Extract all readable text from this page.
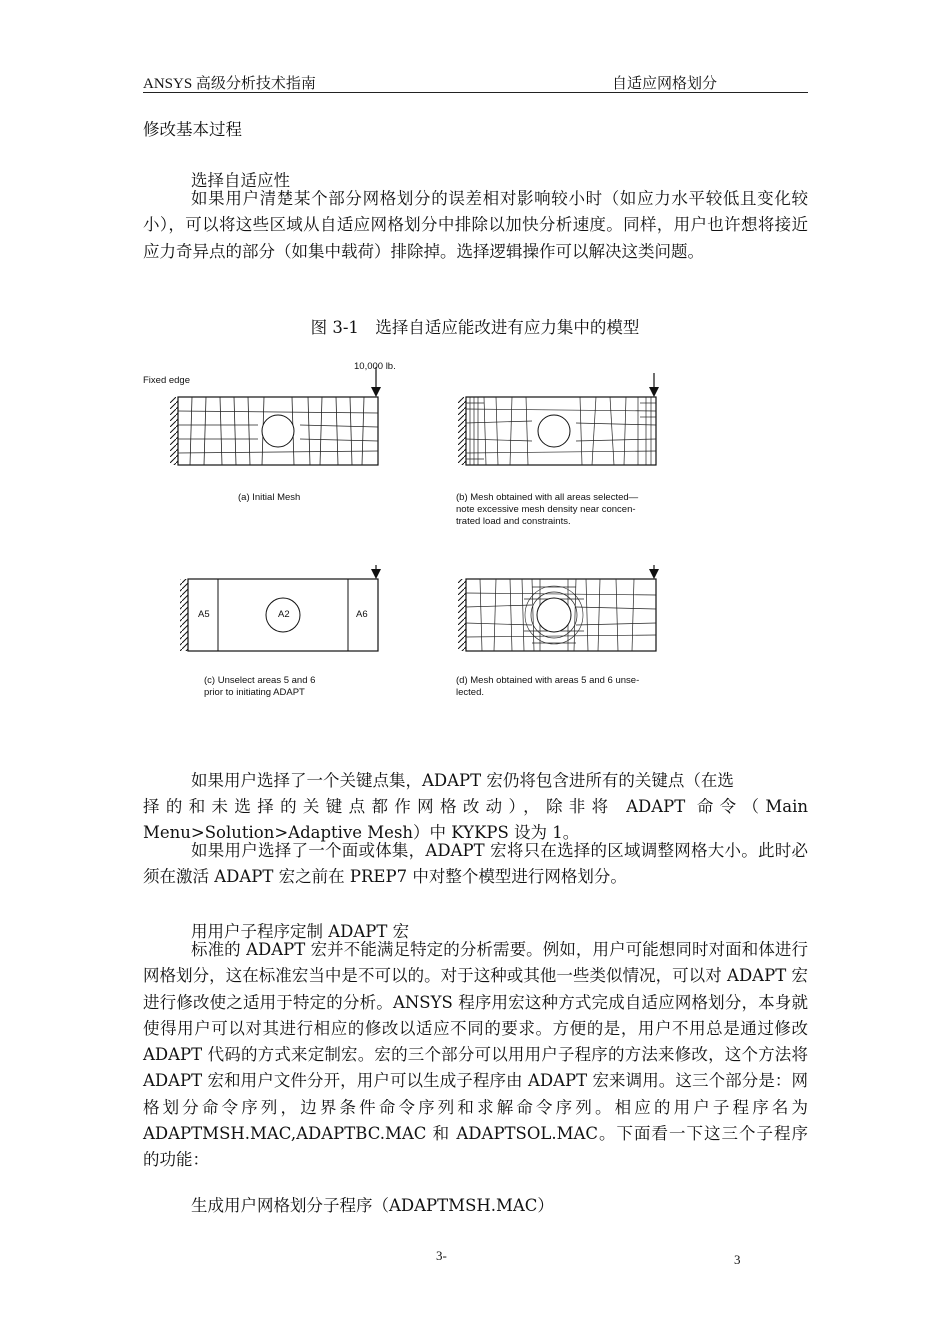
ANSYS 高级分析技术指南	自适应网格划分
修改基本过程
选择自适应性

如果用户清楚某个部分网格划分的误差相对影响较小时（如应力水平较低且变化较小），可以将这些区域从自适应网格划分中排除以加快分析速度。同样，用户也许想将接近应力奇异点的部分（如集中载荷）排除掉。选择逻辑操作可以解决这类问题。

图 3-1　选择自适应能改进有应力集中的模型
Fixed edge
10,000 lb.
(a) Initial Mesh	(b) Mesh obtained with all areas selected—
note excessive mesh density near concen-
trated load and constraints.
A5	A2	A6
(c) Unselect areas 5 and 6
prior to initiating ADAPT
(d) Mesh obtained with areas 5 and 6 unse-
lected.
如果用户选择了一个关键点集，ADAPT 宏仍将包含进所有的关键点（在选
择的和未选择的关键点都作网格改动），除非将 ADAPT 命令（Main
Menu>Solution>Adaptive Mesh）中 KYKPS 设为 1。

如果用户选择了一个面或体集，ADAPT 宏将只在选择的区域调整网格大小。此时必须在激活 ADAPT 宏之前在 PREP7 中对整个模型进行网格划分。

用用户子程序定制 ADAPT 宏

标准的 ADAPT 宏并不能满足特定的分析需要。例如，用户可能想同时对面和体进行网格划分，这在标准宏当中是不可以的。对于这种或其他一些类似情况，可以对 ADAPT 宏进行修改使之适用于特定的分析。ANSYS 程序用宏这种方式完成自适应网格划分，本身就使得用户可以对其进行相应的修改以适应不同的要求。方便的是，用户不用总是通过修改 ADAPT 代码的方式来定制宏。宏的三个部分可以用用户子程序的方法来修改，这个方法将 ADAPT 宏和用户文件分开，用户可以生成子程序由 ADAPT 宏来调用。这三个部分是：网格划分命令序列，边界条件命令序列和求解命令序列。相应的用户子程序名为 ADAPTMSH.MAC,ADAPTBC.MAC 和 ADAPTSOL.MAC。下面看一下这三个子程序的功能：

生成用户网格划分子程序（ADAPTMSH.MAC）
3-	3
